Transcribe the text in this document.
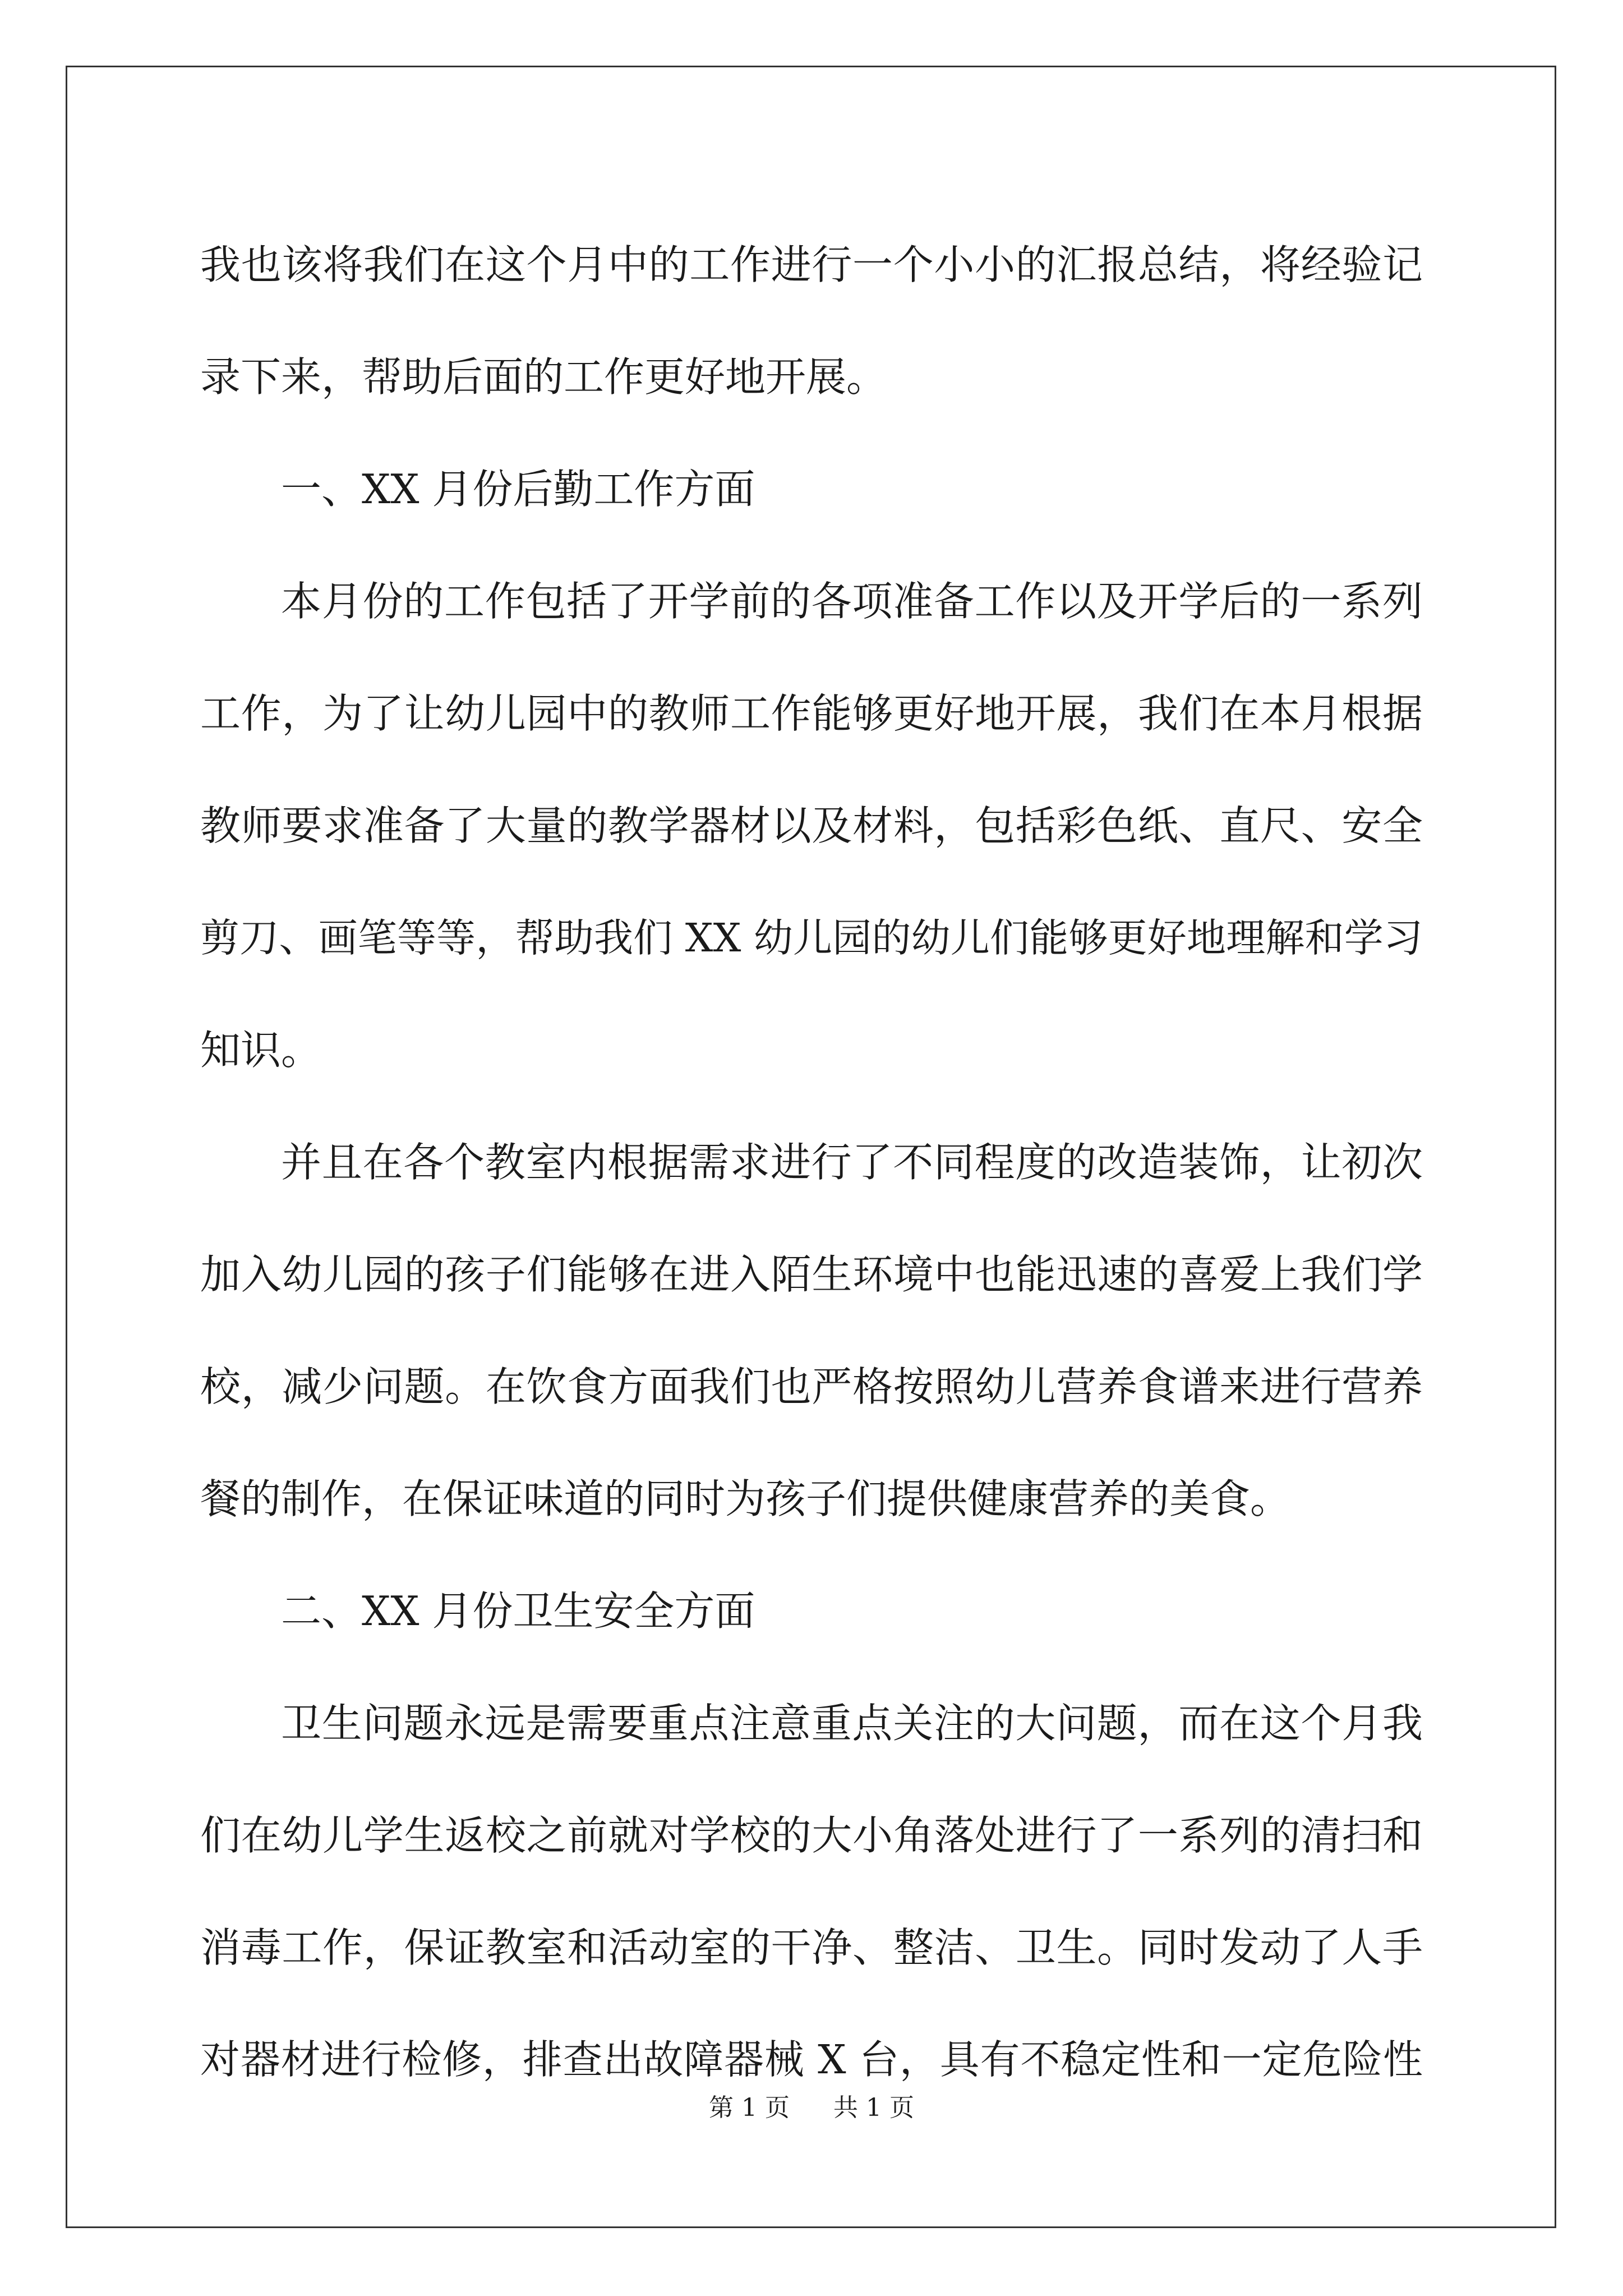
我也该将我们在这个月中的工作进行一个小小的汇报总结，将经验记
录下来，帮助后面的工作更好地开展。
一、XX 月份后勤工作方面
本月份的工作包括了开学前的各项准备工作以及开学后的一系列
工作，为了让幼儿园中的教师工作能够更好地开展，我们在本月根据
教师要求准备了大量的教学器材以及材料，包括彩色纸、直尺、安全
剪刀、画笔等等，帮助我们 XX 幼儿园的幼儿们能够更好地理解和学习
知识。
并且在各个教室内根据需求进行了不同程度的改造装饰，让初次
加入幼儿园的孩子们能够在进入陌生环境中也能迅速的喜爱上我们学
校，减少问题。在饮食方面我们也严格按照幼儿营养食谱来进行营养
餐的制作，在保证味道的同时为孩子们提供健康营养的美食。
二、XX 月份卫生安全方面
卫生问题永远是需要重点注意重点关注的大问题，而在这个月我
们在幼儿学生返校之前就对学校的大小角落处进行了一系列的清扫和
消毒工作，保证教室和活动室的干净、整洁、卫生。同时发动了人手
对器材进行检修，排查出故障器械 X 台，具有不稳定性和一定危险性
第 1 页 共 1 页
